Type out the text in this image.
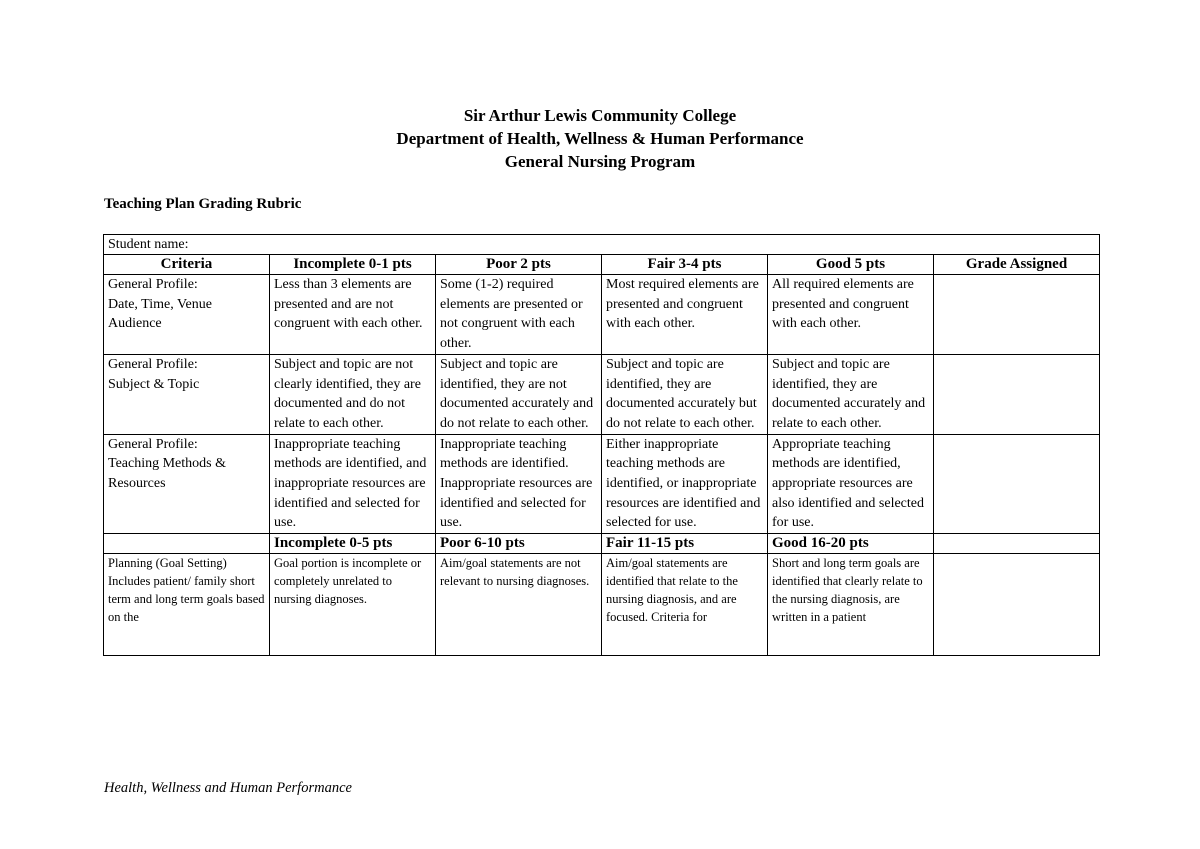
Sir Arthur Lewis Community College
Department of Health, Wellness & Human Performance
General Nursing Program
Teaching Plan Grading Rubric
Student name:					
Criteria	Incomplete 0-1 pts	Poor 2 pts	Fair 3-4 pts	Good 5 pts	Grade Assigned

General Profile:
Date, Time, Venue
Audience	Less than 3 elements are presented and are not congruent with each other.	Some (1-2) required elements are presented or not congruent with each other.	Most required elements are presented and congruent with each other.	All required elements are presented and congruent with each other.	

General Profile:
Subject & Topic	Subject and topic are not clearly identified, they are documented and do not relate to each other.	Subject and topic are identified, they are not documented accurately and do not relate to each other.	Subject and topic are identified, they are documented accurately but do not relate to each other.	Subject and topic are identified, they are documented accurately and relate to each other.	

General Profile:
Teaching Methods & Resources	Inappropriate teaching methods are identified, and inappropriate resources are identified and selected for use.	Inappropriate teaching methods are identified. Inappropriate resources are identified and selected for use.	Either inappropriate teaching methods are identified, or inappropriate resources are identified and selected for use.	Appropriate teaching methods are identified, appropriate resources are also identified and selected for use.	
	Incomplete 0-5 pts	Poor 6-10 pts	Fair 11-15 pts	Good 16-20 pts	

Planning (Goal Setting)
Includes patient/ family short term and long term goals based on the	Goal portion is incomplete or completely unrelated to nursing diagnoses.	Aim/goal statements are not relevant to nursing diagnoses.	Aim/goal statements are identified that relate to the nursing diagnosis, and are focused. Criteria for	Short and long term goals are identified that clearly relate to the nursing diagnosis, are written in a patient	
Health, Wellness and Human Performance
